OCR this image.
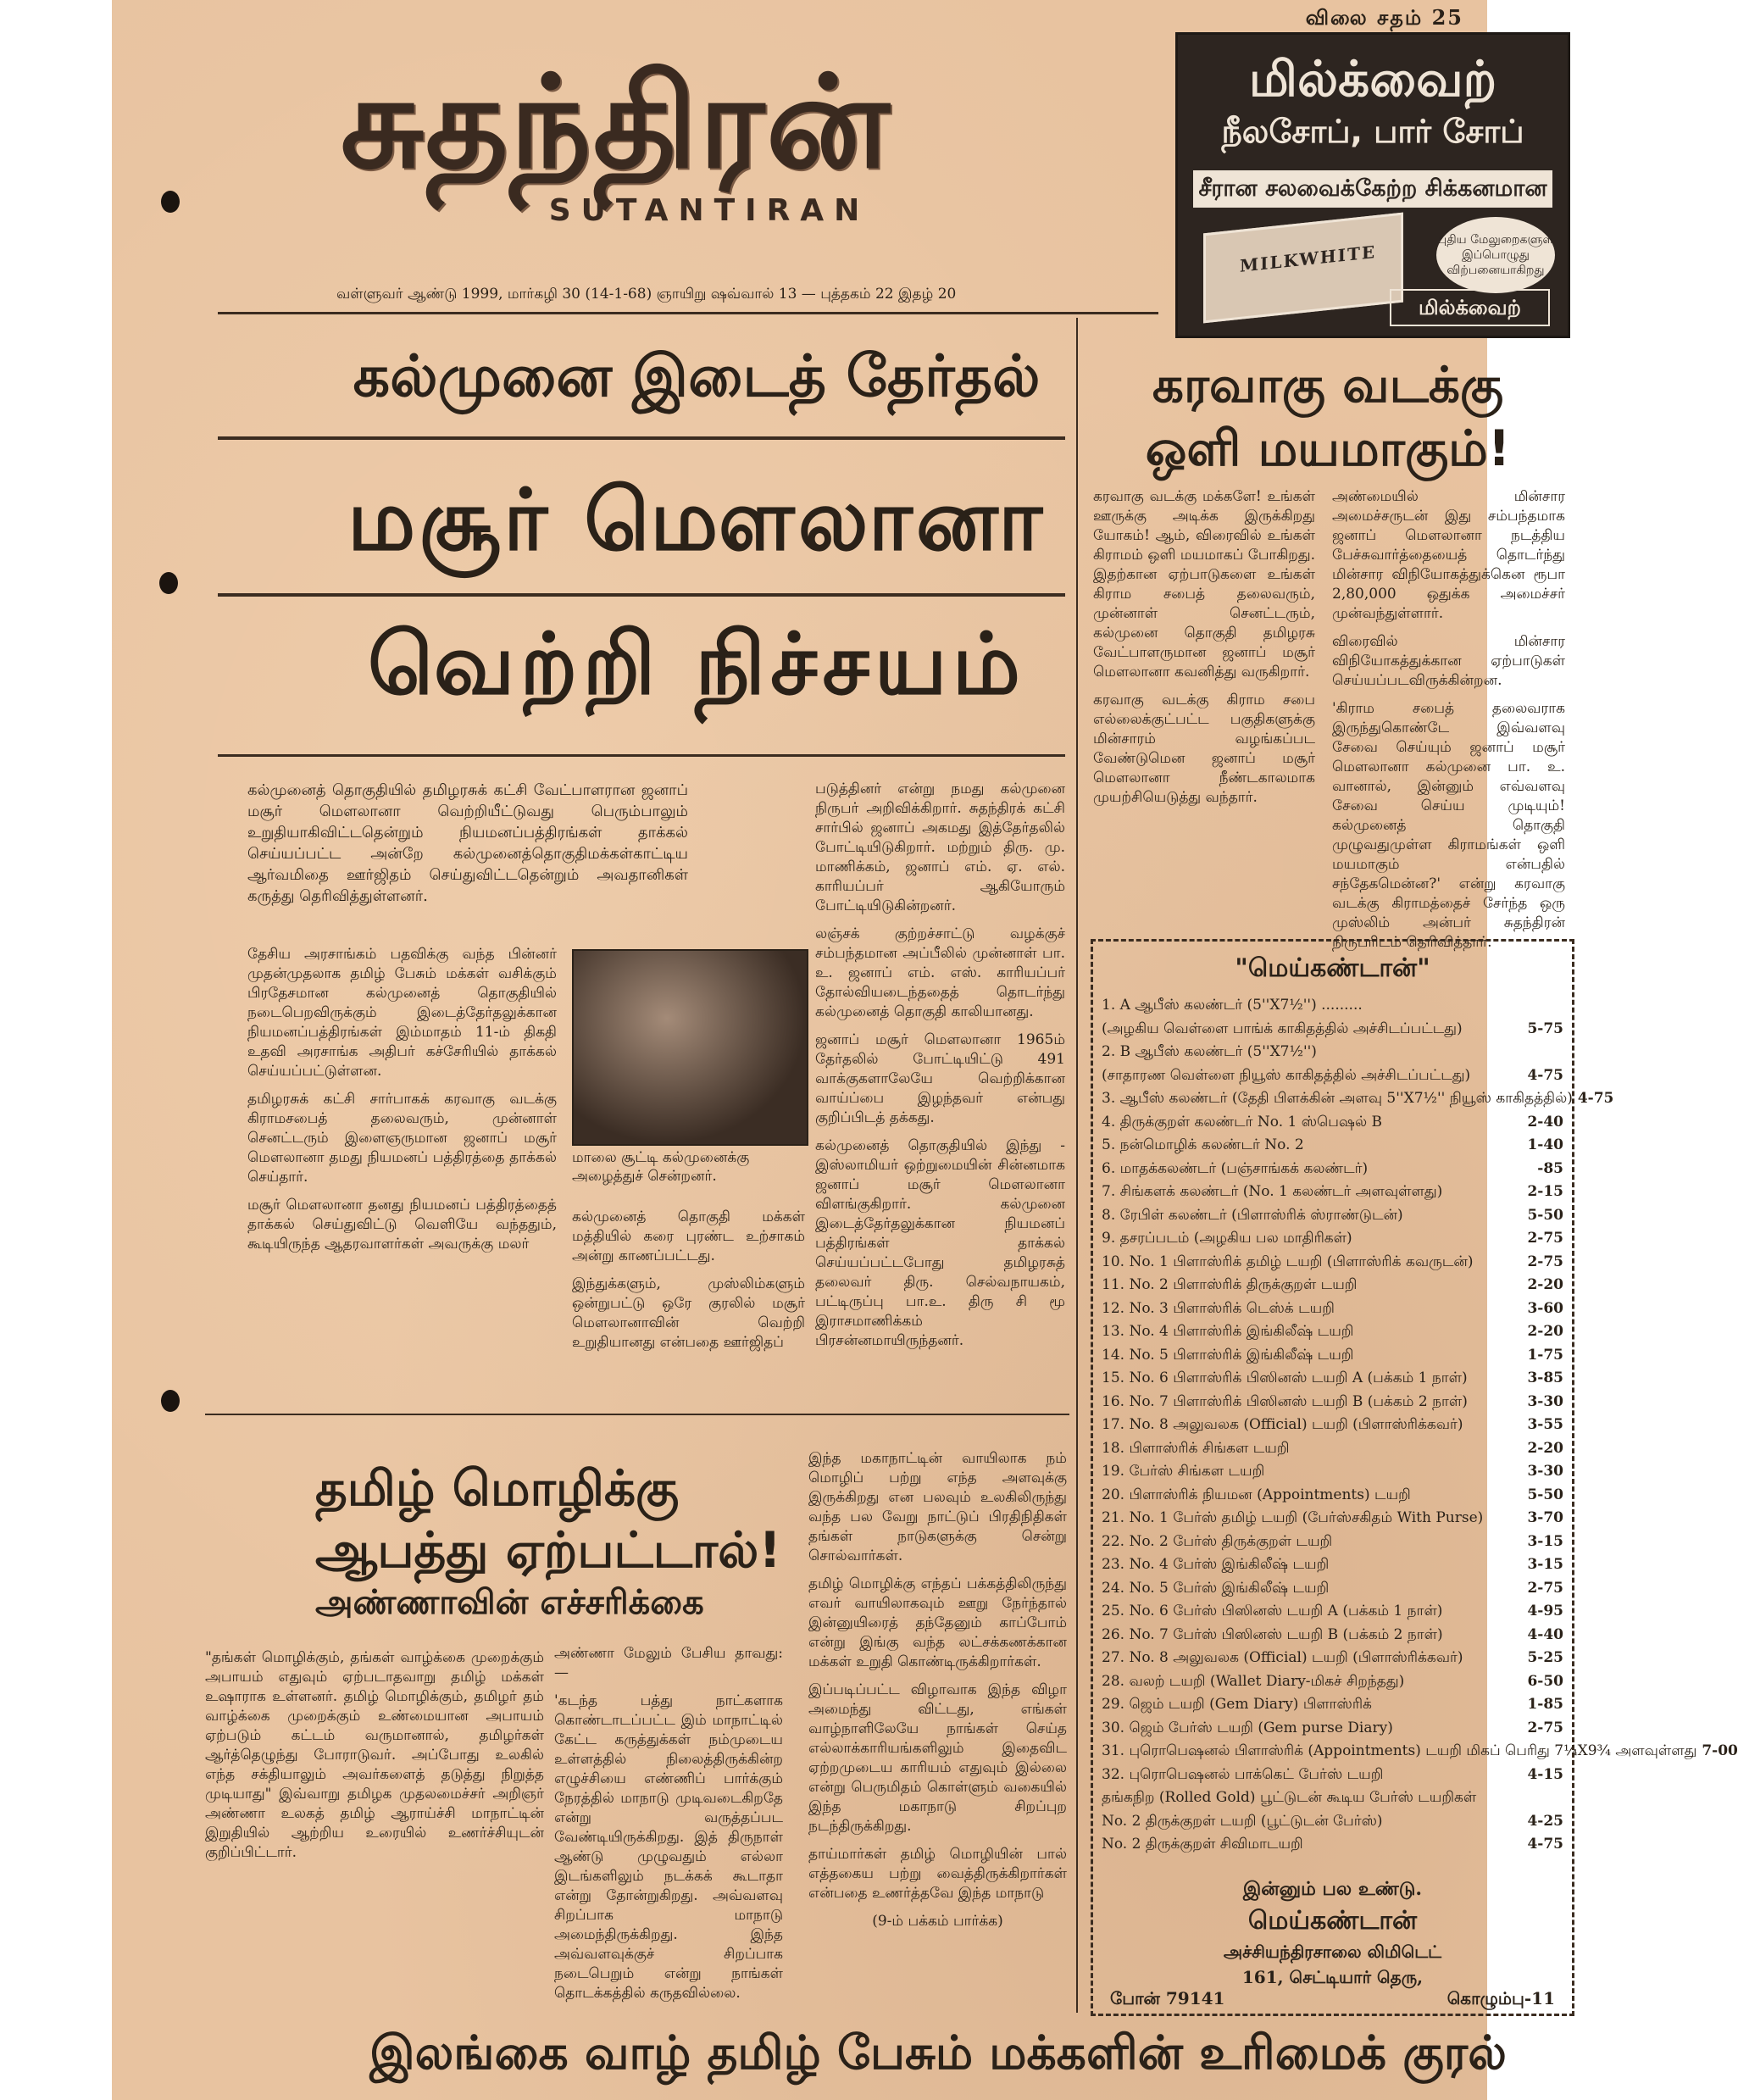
விலை சதம் 25
சுதந்திரன்
SUTANTIRAN
வள்ளுவர் ஆண்டு 1999, மார்கழி 30 (14-1-68) ஞாயிறு ஷவ்வால் 13 — புத்தகம் 22 இதழ் 20
மில்க்வைற்
நீலசோப், பார் சோப்
சீரான சலவைக்கேற்ற சிக்கனமான
MILKWHITE
புதிய மேலுறைகளுள் இப்பொழுது விற்பனையாகிறது
மில்க்வைற்
கல்முனை இடைத் தேர்தல்
மசூர் மௌலானா
வெற்றி நிச்சயம்
கரவாகு வடக்கு
ஒளி மயமாகும்!

கரவாகு வடக்கு மக்களே! உங்கள் ஊருக்கு அடிக்க இருக்கிறது யோகம்! ஆம், விரைவில் உங்கள் கிராமம் ஒளி மயமாகப் போகிறது. இதற்கான ஏற்பாடுகளை உங்கள் கிராம சபைத் தலைவரும், முன்னாள் செனட்டரும், கல்முனை தொகுதி தமிழரசு வேட்பாளருமான ஜனாப் மசூர் மௌலானா கவனித்து வருகிறார்.

கரவாகு வடக்கு கிராம சபை எல்லைக்குட்பட்ட பகுதிகளுக்கு மின்சாரம் வழங்கப்பட வேண்டுமென ஜனாப் மசூர் மௌலானா நீண்டகாலமாக முயற்சியெடுத்து வந்தார்.

அண்மையில் மின்சார அமைச்சருடன் இது சம்பந்தமாக ஜனாப் மௌலானா நடத்திய பேச்சுவார்த்தையைத் தொடர்ந்து மின்சார விநியோகத்துக்கென ரூபா 2,80,000 ஒதுக்க அமைச்சர் முன்வந்துள்ளார்.

விரைவில் மின்சார விநியோகத்துக்கான ஏற்பாடுகள் செய்யப்படவிருக்கின்றன.

'கிராம சபைத் தலைவராக இருந்துகொண்டே இவ்வளவு சேவை செய்யும் ஜனாப் மசூர் மௌலானா கல்முனை பா. உ. வானால், இன்னும் எவ்வளவு சேவை செய்ய முடியும்! கல்முனைத் தொகுதி முழுவதுமுள்ள கிராமங்கள் ஒளி மயமாகும் என்பதில் சந்தேகமென்ன?' என்று கரவாகு வடக்கு கிராமத்தைச் சேர்ந்த ஒரு முஸ்லிம் அன்பர் சுதந்திரன் நிருபரிடம் தெரிவித்தார்.

கல்முனைத் தொகுதியில் தமிழரசுக் கட்சி வேட்பாளரான ஜனாப் மசூர் மௌலானா வெற்றியீட்டுவது பெரும்பாலும் உறுதியாகிவிட்டதென்றும் நியமனப்பத்திரங்கள் தாக்கல் செய்யப்பட்ட அன்றே கல்முனைத்தொகுதிமக்கள்காட்டிய ஆர்வமிதை ஊர்ஜிதம் செய்துவிட்டதென்றும் அவதானிகள் கருத்து தெரிவித்துள்ளனர்.

தேசிய அரசாங்கம் பதவிக்கு வந்த பின்னர் முதன்முதலாக தமிழ் பேசும் மக்கள் வசிக்கும் பிரதேசமான கல்முனைத் தொகுதியில் நடைபெறவிருக்கும் இடைத்தேர்தலுக்கான நியமனப்பத்திரங்கள் இம்மாதம் 11-ம் திகதி உதவி அரசாங்க அதிபர் கச்சேரியில் தாக்கல் செய்யப்பட்டுள்ளன.

தமிழரசுக் கட்சி சார்பாகக் கரவாகு வடக்கு கிராமசபைத் தலைவரும், முன்னாள் செனட்டரும் இளைஞருமான ஜனாப் மசூர் மௌலானா தமது நியமனப் பத்திரத்தை தாக்கல் செய்தார்.

மசூர் மௌலானா தனது நியமனப் பத்திரத்தைத் தாக்கல் செய்துவிட்டு வெளியே வந்ததும், கூடியிருந்த ஆதரவாளர்கள் அவருக்கு மலர்

மாலை சூட்டி கல்முனைக்கு அழைத்துச் சென்றனர்.

கல்முனைத் தொகுதி மக்கள் மத்தியில் கரை புரண்ட உற்சாகம் அன்று காணப்பட்டது.

இந்துக்களும், முஸ்லிம்களும் ஒன்றுபட்டு ஒரே குரலில் மசூர் மௌலானாவின் வெற்றி உறுதியானது என்பதை ஊர்ஜிதப்

படுத்தினர் என்று நமது கல்முனை நிருபர் அறிவிக்கிறார். சுதந்திரக் கட்சி சார்பில் ஜனாப் அகமது இத்தேர்தலில் போட்டியிடுகிறார். மற்றும் திரு. மு. மாணிக்கம், ஜனாப் எம். ஏ. எல். காரியப்பர் ஆகியோரும் போட்டியிடுகின்றனர்.

லஞ்சக் குற்றச்சாட்டு வழக்குச் சம்பந்தமான அப்பீலில் முன்னாள் பா. உ. ஜனாப் எம். எஸ். காரியப்பர் தோல்வியடைந்ததைத் தொடர்ந்து கல்முனைத் தொகுதி காலியானது.

ஜனாப் மசூர் மௌலானா 1965ம் தேர்தலில் போட்டியிட்டு 491 வாக்குகளாலேயே வெற்றிக்கான வாய்ப்பை இழந்தவர் என்பது குறிப்பிடத் தக்கது.

கல்முனைத் தொகுதியில் இந்து - இஸ்லாமியர் ஒற்றுமையின் சின்னமாக ஜனாப் மசூர் மௌலானா விளங்குகிறார். கல்முனை இடைத்தேர்தலுக்கான நியமனப் பத்திரங்கள் தாக்கல் செய்யப்பட்டபோது தமிழரசுத் தலைவர் திரு. செல்வநாயகம், பட்டிருப்பு பா.உ. திரு சி மூ இராசமாணிக்கம் பிரசன்னமாயிருந்தனர்.

தமிழ் மொழிக்கு
ஆபத்து ஏற்பட்டால்!
அண்ணாவின் எச்சரிக்கை

"தங்கள் மொழிக்கும், தங்கள் வாழ்க்கை முறைக்கும் அபாயம் எதுவும் ஏற்படாதவாறு தமிழ் மக்கள் உஷாராக உள்ளனர். தமிழ் மொழிக்கும், தமிழர் தம் வாழ்க்கை முறைக்கும் உண்மையான அபாயம் ஏற்படும் கட்டம் வருமானால், தமிழர்கள் ஆர்த்தெழுந்து போராடுவர். அப்போது உலகில் எந்த சக்தியாலும் அவர்களைத் தடுத்து நிறுத்த முடியாது" இவ்வாறு தமிழக முதலமைச்சர் அறிஞர் அண்ணா உலகத் தமிழ் ஆராய்ச்சி மாநாட்டின் இறுதியில் ஆற்றிய உரையில் உணர்ச்சியுடன் குறிப்பிட்டார்.

அண்ணா மேலும் பேசிய தாவது:—

'கடந்த பத்து நாட்களாக கொண்டாடப்பட்ட இம் மாநாட்டில் கேட்ட கருத்துக்கள் நம்முடைய உள்ளத்தில் நிலைத்திருக்கின்ற எழுச்சியை எண்ணிப் பார்க்கும் நேரத்தில் மாநாடு முடிவடைகிறதே என்று வருத்தப்பட வேண்டியிருக்கிறது. இத் திருநாள் ஆண்டு முழுவதும் எல்லா இடங்களிலும் நடக்கக் கூடாதா என்று தோன்றுகிறது. அவ்வளவு சிறப்பாக மாநாடு அமைந்திருக்கிறது. இந்த அவ்வளவுக்குச் சிறப்பாக நடைபெறும் என்று நாங்கள் தொடக்கத்தில் கருதவில்லை.

இந்த மகாநாட்டின் வாயிலாக நம் மொழிப் பற்று எந்த அளவுக்கு இருக்கிறது என பலவும் உலகிலிருந்து வந்த பல வேறு நாட்டுப் பிரதிநிதிகள் தங்கள் நாடுகளுக்கு சென்று சொல்வார்கள்.

தமிழ் மொழிக்கு எந்தப் பக்கத்திலிருந்து எவர் வாயிலாகவும் ஊறு நேர்ந்தால் இன்னுயிரைத் தந்தேனும் காப்போம் என்று இங்கு வந்த லட்சக்கணக்கான மக்கள் உறுதி கொண்டிருக்கிறார்கள்.

இப்படிப்பட்ட விழாவாக இந்த விழா அமைந்து விட்டது, எங்கள் வாழ்நாளிலேயே நாங்கள் செய்த எல்லாக்காரியங்களிலும் இதைவிட ஏற்றமுடைய காரியம் எதுவும் இல்லை என்று பெருமிதம் கொள்ளும் வகையில் இந்த மகாநாடு சிறப்புற நடந்திருக்கிறது.

தாய்மார்கள் தமிழ் மொழியின் பால் எத்தகைய பற்று வைத்திருக்கிறார்கள் என்பதை உணர்த்தவே இந்த மாநாடு

(9-ம் பக்கம் பார்க்க)

"மெய்கண்டான்"
1. A ஆபீஸ் கலண்டர் (5''X7½'') .........
(அழகிய வெள்ளை பாங்க் காகிதத்தில் அச்சிடப்பட்டது)	5-75
2. B ஆபீஸ் கலண்டர் (5''X7½'')
(சாதாரண வெள்ளை நியூஸ் காகிதத்தில் அச்சிடப்பட்டது)	4-75
3. ஆபீஸ் கலண்டர் (தேதி பிளக்கின் அளவு 5''X7½'' நியூஸ் காகிதத்தில்) 4-75
4. திருக்குறள் கலண்டர் No. 1 ஸ்பெஷல் B	2-40
5. நன்மொழிக் கலண்டர் No. 2	1-40
6. மாதக்கலண்டர் (பஞ்சாங்கக் கலண்டர்)	-85
7. சிங்களக் கலண்டர் (No. 1 கலண்டர் அளவுள்ளது)	2-15
8. ரேபிள் கலண்டர் (பிளாஸ்ரிக் ஸ்ராண்டுடன்)	5-50
9. தசரப்படம் (அழகிய பல மாதிரிகள்)	2-75
10. No. 1 பிளாஸ்ரிக் தமிழ் டயறி (பிளாஸ்ரிக் கவருடன்)	2-75
11. No. 2 பிளாஸ்ரிக் திருக்குறள் டயறி	2-20
12. No. 3 பிளாஸ்ரிக் டெஸ்க் டயறி	3-60
13. No. 4 பிளாஸ்ரிக் இங்கிலீஷ் டயறி	2-20
14. No. 5 பிளாஸ்ரிக் இங்கிலீஷ் டயறி	1-75
15. No. 6 பிளாஸ்ரிக் பிஸினஸ் டயறி A (பக்கம் 1 நாள்)	3-85
16. No. 7 பிளாஸ்ரிக் பிஸினஸ் டயறி B (பக்கம் 2 நாள்)	3-30
17. No. 8 அலுவலக (Official) டயறி (பிளாஸ்ரிக்கவர்)	3-55
18. பிளாஸ்ரிக் சிங்கள டயறி	2-20
19. பேர்ஸ் சிங்கள டயறி	3-30
20. பிளாஸ்ரிக் நியமன (Appointments) டயறி	5-50
21. No. 1 பேர்ஸ் தமிழ் டயறி (பேர்ஸ்சகிதம் With Purse)	3-70
22. No. 2 பேர்ஸ் திருக்குறள் டயறி	3-15
23. No. 4 பேர்ஸ் இங்கிலீஷ் டயறி	3-15
24. No. 5 பேர்ஸ் இங்கிலீஷ் டயறி	2-75
25. No. 6 பேர்ஸ் பிஸினஸ் டயறி A (பக்கம் 1 நாள்)	4-95
26. No. 7 பேர்ஸ் பிஸினஸ் டயறி B (பக்கம் 2 நாள்)	4-40
27. No. 8 அலுவலக (Official) டயறி (பிளாஸ்ரிக்கவர்)	5-25
28. வலற் டயறி (Wallet Diary-மிகச் சிறந்தது)	6-50
29. ஜெம் டயறி (Gem Diary) பிளாஸ்ரிக்	1-85
30. ஜெம் பேர்ஸ் டயறி (Gem purse Diary)	2-75
31. புரொபெஷனல் பிளாஸ்ரிக் (Appointments) டயறி மிகப் பெரிது 7¼X9¾ அளவுள்ளது 7-00
32. புரொபெஷனல் பாக்கெட் பேர்ஸ் டயறி	4-15
தங்கநிற (Rolled Gold) பூட்டுடன் கூடிய பேர்ஸ் டயறிகள்
No. 2 திருக்குறள் டயறி (பூட்டுடன் பேர்ஸ்)	4-25
No. 2 திருக்குறள் சிவிமாடயறி	4-75
இன்னும் பல உண்டு.
மெய்கண்டான்
அச்சியந்திரசாலை லிமிடெட்
161, செட்டியார் தெரு,
போன் 79141	கொழும்பு-11
இலங்கை வாழ் தமிழ் பேசும் மக்களின் உரிமைக் குரல்
